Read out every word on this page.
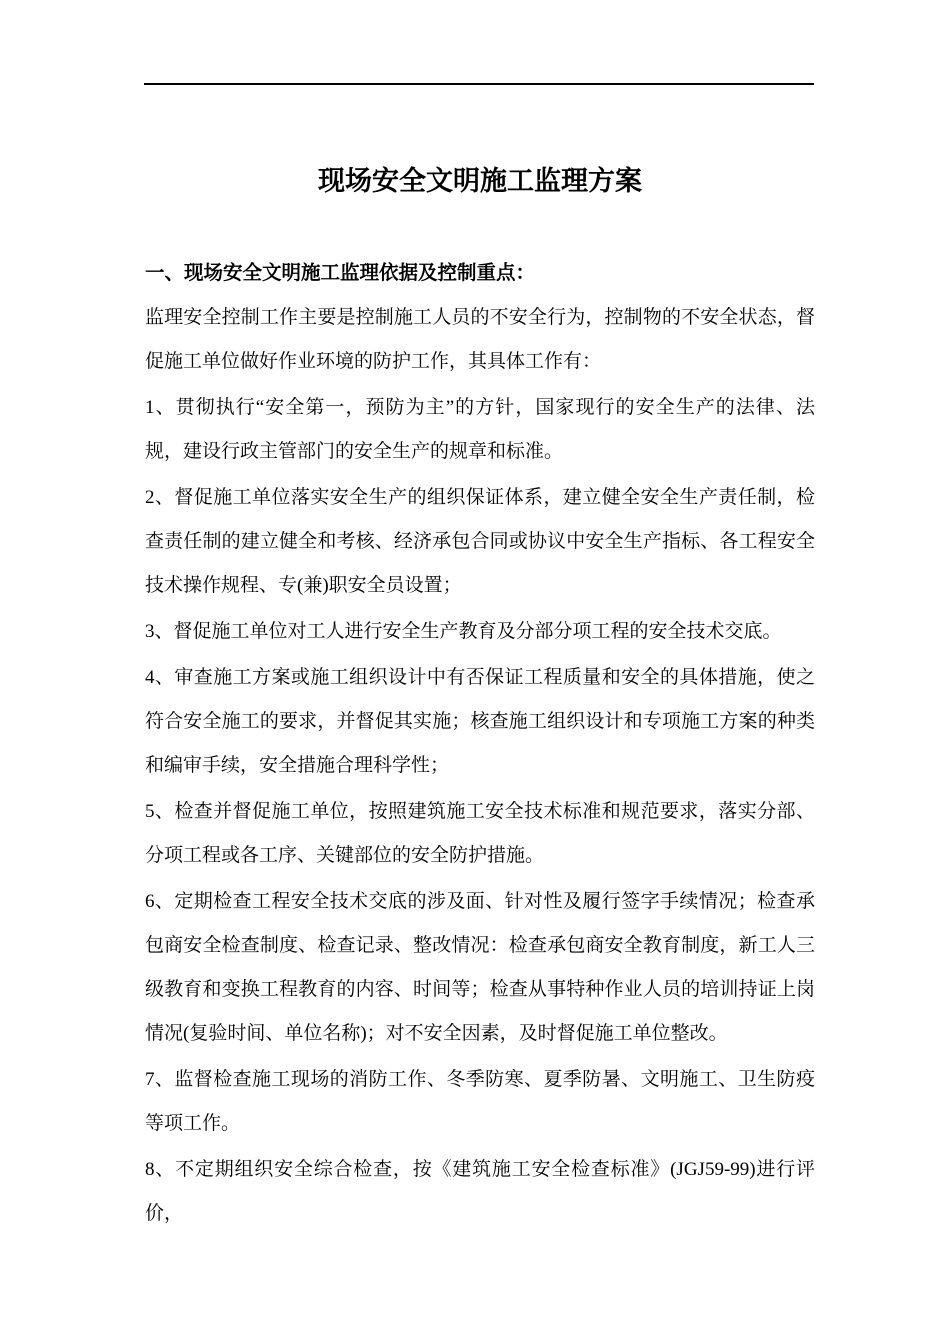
现场安全文明施工监理方案
一、现场安全文明施工监理依据及控制重点：

监理安全控制工作主要是控制施工人员的不安全行为，控制物的不安全状态，督促施工单位做好作业环境的防护工作，其具体工作有：

1、贯彻执行“安全第一，预防为主”的方针，国家现行的安全生产的法律、法规，建设行政主管部门的安全生产的规章和标准。

2、督促施工单位落实安全生产的组织保证体系，建立健全安全生产责任制，检查责任制的建立健全和考核、经济承包合同或协议中安全生产指标、各工程安全技术操作规程、专(兼)职安全员设置；

3、督促施工单位对工人进行安全生产教育及分部分项工程的安全技术交底。

4、审查施工方案或施工组织设计中有否保证工程质量和安全的具体措施，使之符合安全施工的要求，并督促其实施；核查施工组织设计和专项施工方案的种类和编审手续，安全措施合理科学性；

5、检查并督促施工单位，按照建筑施工安全技术标准和规范要求，落实分部、分项工程或各工序、关键部位的安全防护措施。

6、定期检查工程安全技术交底的涉及面、针对性及履行签字手续情况；检查承包商安全检查制度、检查记录、整改情况：检查承包商安全教育制度，新工人三级教育和变换工程教育的内容、时间等；检查从事特种作业人员的培训持证上岗情况(复验时间、单位名称)；对不安全因素，及时督促施工单位整改。

7、监督检查施工现场的消防工作、冬季防寒、夏季防暑、文明施工、卫生防疫等项工作。

8、不定期组织安全综合检查，按《建筑施工安全检查标准》(JGJ59-99)进行评价，
